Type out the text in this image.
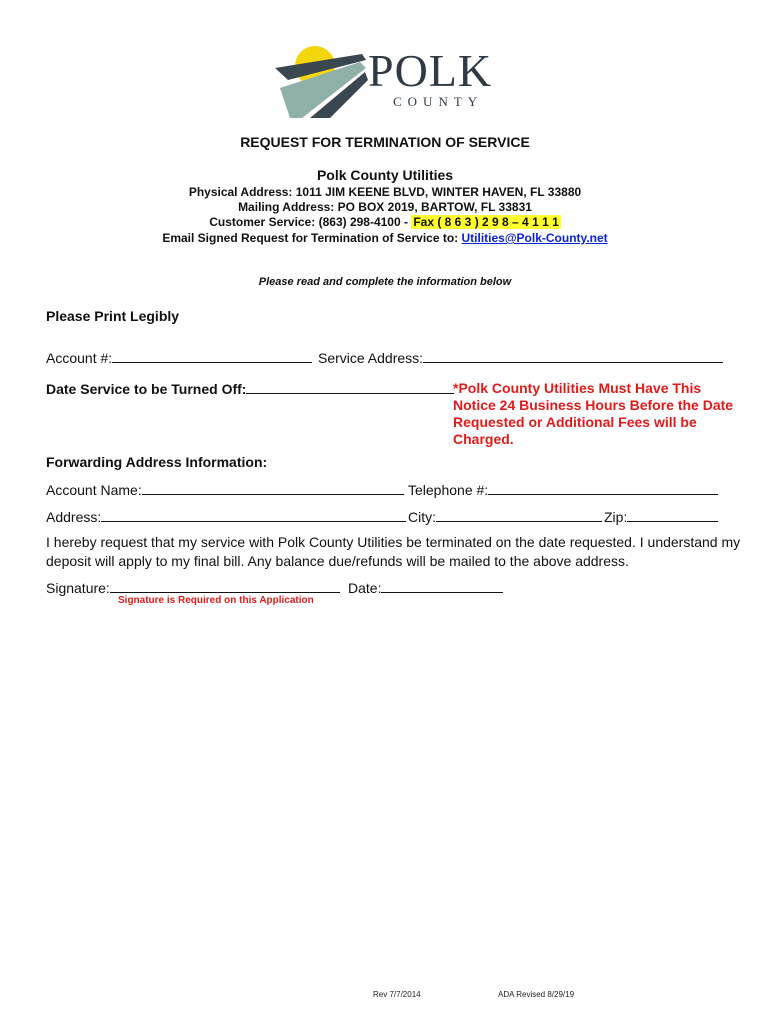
POLK
COUNTY
REQUEST FOR TERMINATION OF SERVICE
Polk County Utilities
Physical Address: 1011 JIM KEENE BLVD, WINTER HAVEN, FL 33880
Mailing Address: PO BOX 2019, BARTOW, FL 33831
Customer Service: (863) 298-4100 - Fax ( 8 6 3 ) 2 9 8 – 4 1 1 1
Email Signed Request for Termination of Service to: Utilities@Polk-County.net
Please read and complete the information below
Please Print Legibly
Account #:	Service Address:
Date Service to be Turned Off:	*Polk County Utilities Must Have This Notice 24 Business Hours Before the Date Requested or Additional Fees will be Charged.
Forwarding Address Information:
Account Name:	Telephone #:
Address:	City:	Zip:
I hereby request that my service with Polk County Utilities be terminated on the date requested. I understand my deposit will apply to my final bill. Any balance due/refunds will be mailed to the above address.
Signature:	Date:
Signature is Required on this Application
Rev 7/7/2014	ADA Revised 8/29/19
